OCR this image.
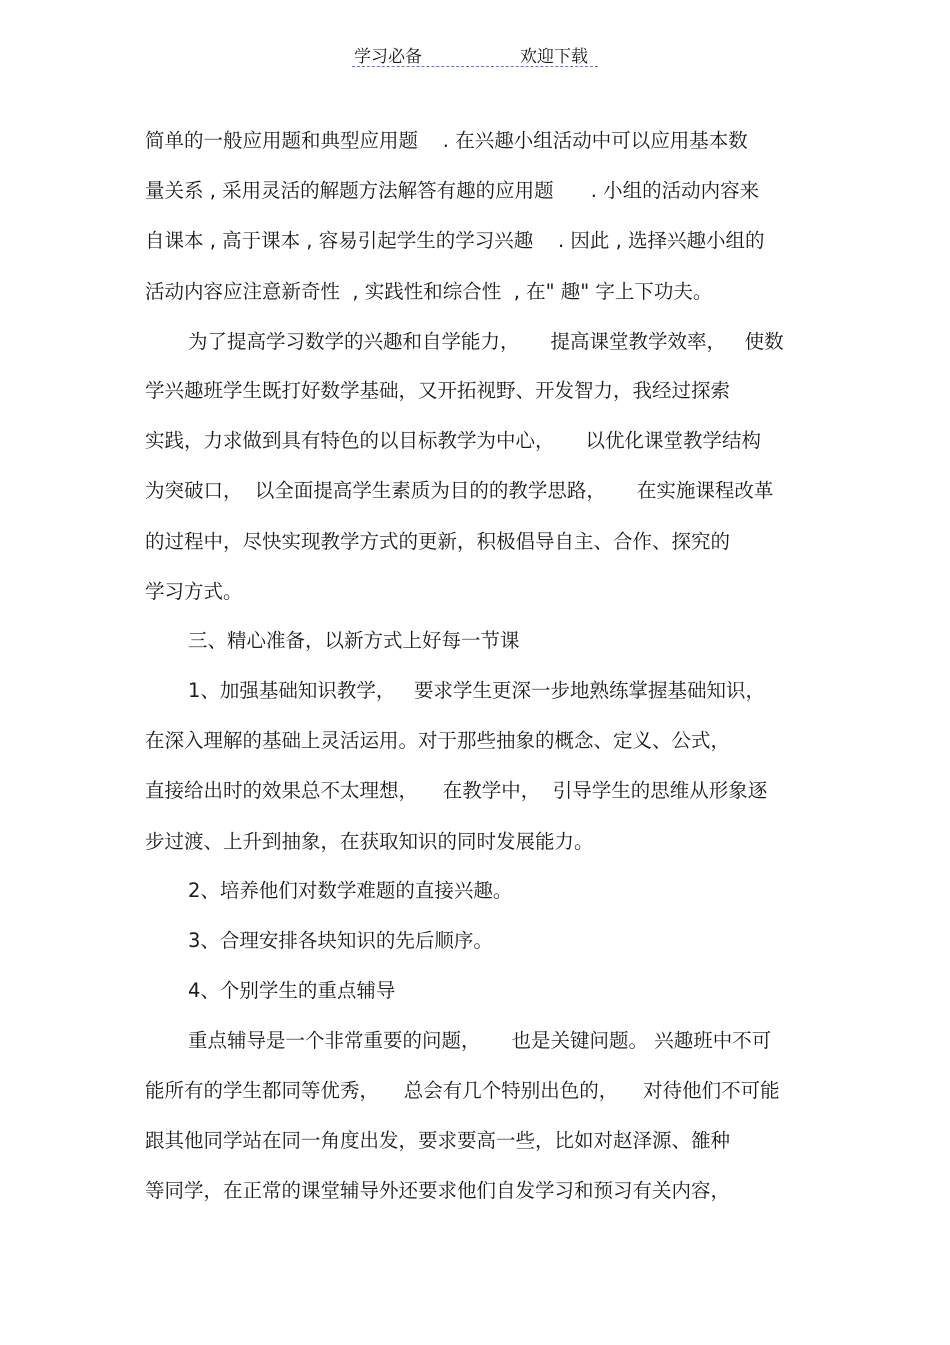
学习必备	欢迎下载
简单的一般应用题和典型应用题    . 在兴趣小组活动中可以应用基本数
量关系 , 采用灵活的解题方法解答有趣的应用题      . 小组的活动内容来
自课本 , 高于课本 , 容易引起学生的学习兴趣    . 因此 , 选择兴趣小组的
活动内容应注意新奇性  , 实践性和综合性  , 在" 趣" 字上下功夫。
为了提高学习数学的兴趣和自学能力，     提高课堂教学效率，   使数
学兴趣班学生既打好数学基础，又开拓视野、开发智力，我经过探索
实践，力求做到具有特色的以目标教学为中心，     以优化课堂教学结构
为突破口，  以全面提高学生素质为目的的教学思路，     在实施课程改革
的过程中，尽快实现教学方式的更新，积极倡导自主、合作、探究的
学习方式。
三、精心准备，以新方式上好每一节课
1、加强基础知识教学，   要求学生更深一步地熟练掌握基础知识，
在深入理解的基础上灵活运用。对于那些抽象的概念、定义、公式，
直接给出时的效果总不太理想，    在教学中，  引导学生的思维从形象逐
步过渡、上升到抽象，在获取知识的同时发展能力。
2、培养他们对数学难题的直接兴趣。
3、合理安排各块知识的先后顺序。
4、个别学生的重点辅导
重点辅导是一个非常重要的问题，     也是关键问题。 兴趣班中不可
能所有的学生都同等优秀，    总会有几个特别出色的，    对待他们不可能
跟其他同学站在同一角度出发，要求要高一些，比如对赵泽源、雒种
等同学，在正常的课堂辅导外还要求他们自发学习和预习有关内容，
